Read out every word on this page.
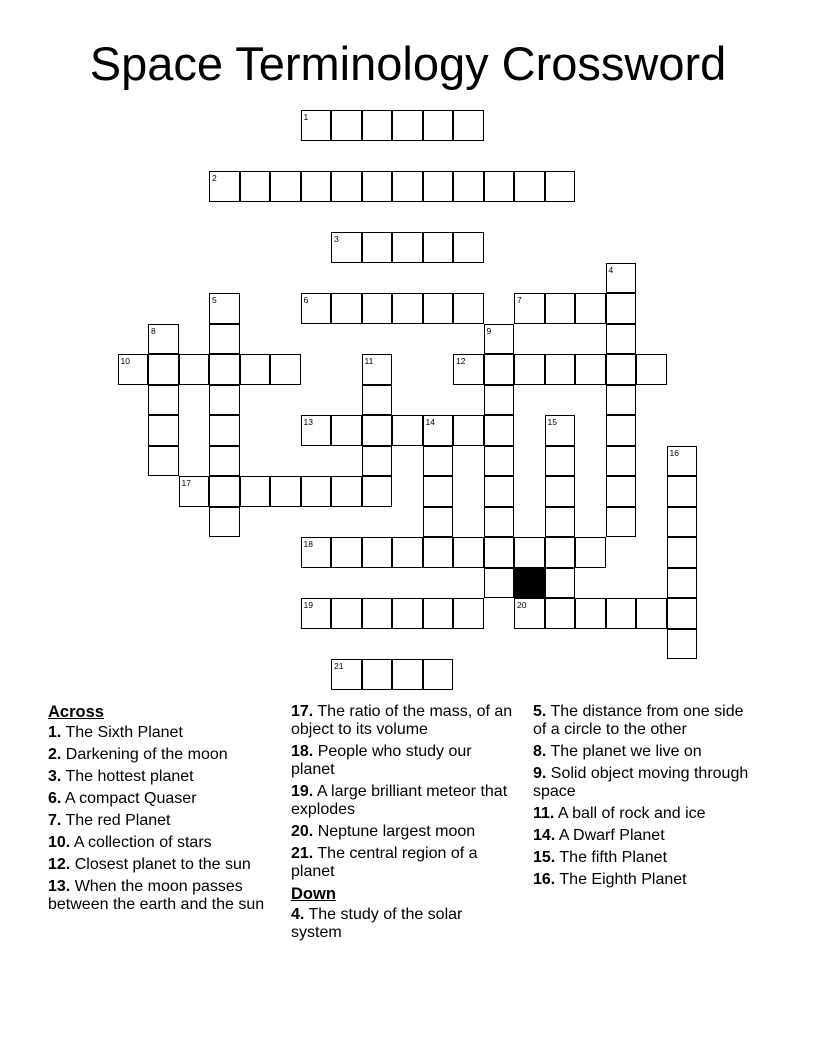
Space Terminology Crossword
1
2
3
4
5	6	7
8	9
10	11	12
13	14	15
16
17
18
19	20
21

Across

1. The Sixth Planet

2. Darkening of the moon

3. The hottest planet

6. A compact Quaser

7. The red Planet

10. A collection of stars

12. Closest planet to the sun

13. When the moon passes between the earth and the sun

17. The ratio of the mass, of an object to its volume

18. People who study our planet

19. A large brilliant meteor that explodes

20. Neptune largest moon

21. The central region of a planet

Down

4. The study of the solar system

5. The distance from one side of a circle to the other

8. The planet we live on

9. Solid object moving through space

11. A ball of rock and ice

14. A Dwarf Planet

15. The fifth Planet

16. The Eighth Planet
